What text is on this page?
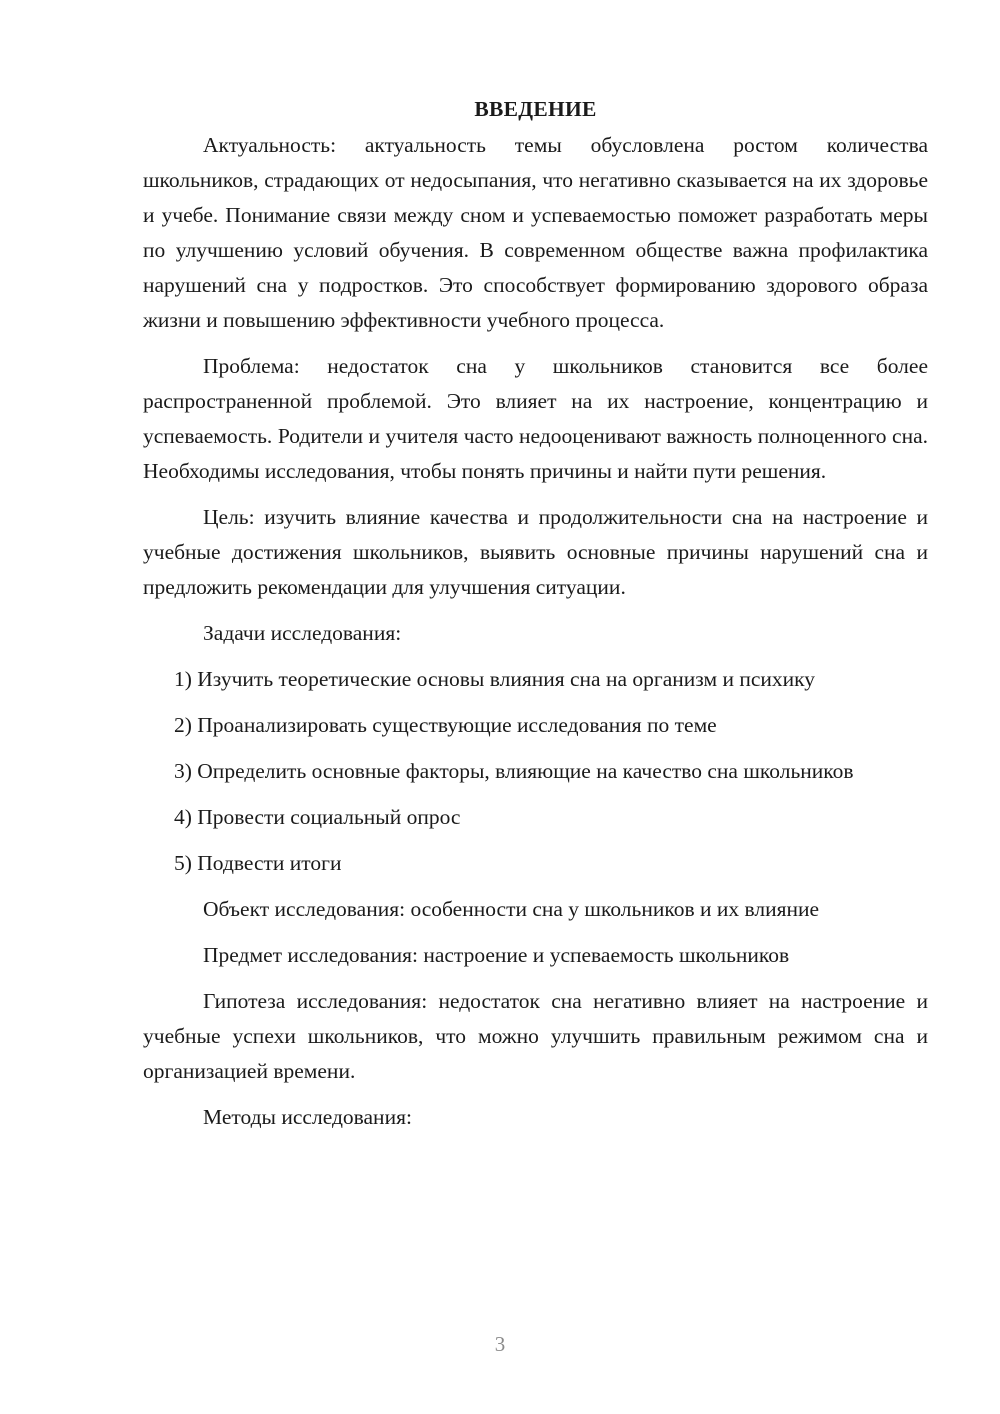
ВВЕДЕНИЕ

Актуальность: актуальность темы обусловлена ростом количества школьников, страдающих от недосыпания, что негативно сказывается на их здоровье и учебе. Понимание связи между сном и успеваемостью поможет разработать меры по улучшению условий обучения. В современном обществе важна профилактика нарушений сна у подростков. Это способствует формированию здорового образа жизни и повышению эффективности учебного процесса.

Проблема: недостаток сна у школьников становится все более распространенной проблемой. Это влияет на их настроение, концентрацию и успеваемость. Родители и учителя часто недооценивают важность полноценного сна. Необходимы исследования, чтобы понять причины и найти пути решения.

Цель: изучить влияние качества и продолжительности сна на настроение и учебные достижения школьников, выявить основные причины нарушений сна и предложить рекомендации для улучшения ситуации.

Задачи исследования:

1) Изучить теоретические основы влияния сна на организм и психику

2) Проанализировать существующие исследования по теме

3) Определить основные факторы, влияющие на качество сна школьников

4) Провести социальный опрос

5) Подвести итоги

Объект исследования: особенности сна у школьников и их влияние

Предмет исследования: настроение и успеваемость школьников

Гипотеза исследования: недостаток сна негативно влияет на настроение и учебные успехи школьников, что можно улучшить правильным режимом сна и организацией времени.

Методы исследования:

3
